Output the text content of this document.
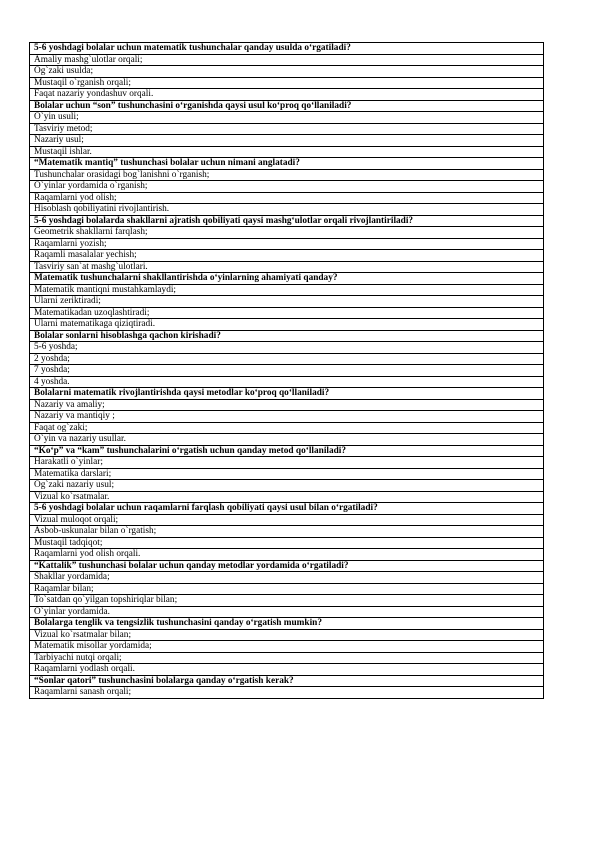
5-6 yoshdagi bolalar uchun matematik tushunchalar qanday usulda o‘rgatiladi?
Amaliy mashg`ulotlar orqali;
Og`zaki usulda;
Mustaqil o`rganish orqali;
Faqat nazariy yondashuv orqali.
Bolalar uchun “son” tushunchasini o‘rganishda qaysi usul ko‘proq qo‘llaniladi?
O`yin usuli;
Tasviriy metod;
Nazariy usul;
Mustaqil ishlar.
“Matematik mantiq” tushunchasi bolalar uchun nimani anglatadi?
Tushunchalar orasidagi bog`lanishni o`rganish;
O`yinlar yordamida o`rganish;
Raqamlarni yod olish;
Hisoblash qobiliyatini rivojlantirish.
5-6 yoshdagi bolalarda shakllarni ajratish qobiliyati qaysi mashg‘ulotlar orqali rivojlantiriladi?
Geometrik shakllarni farqlash;
Raqamlarni yozish;
Raqamli masalalar yechish;
Tasviriy san`at mashg`ulotlari.
Matematik tushunchalarni shakllantirishda o‘yinlarning ahamiyati qanday?
Matematik mantiqni mustahkamlaydi;
Ularni zeriktiradi;
Matematikadan uzoqlashtiradi;
Ularni matematikaga qiziqtiradi.
Bolalar sonlarni hisoblashga qachon kirishadi?
5-6 yoshda;
2 yoshda;
7 yoshda;
4 yoshda.
Bolalarni matematik rivojlantirishda qaysi metodlar ko‘proq qo‘llaniladi?
Nazariy va amaliy;
Nazariy va mantiqiy ;
Faqat og`zaki;
O`yin va nazariy usullar.
“Ko‘p” va “kam” tushunchalarini o‘rgatish uchun qanday metod qo‘llaniladi?
Harakatli o`yinlar;
Matematika darslari;
Og`zaki nazariy usul;
Vizual ko`rsatmalar.
5-6 yoshdagi bolalar uchun raqamlarni farqlash qobiliyati qaysi usul bilan o‘rgatiladi?
Vizual muloqot orqali;
Asbob-uskunalar bilan o`rgatish;
Mustaqil tadqiqot;
Raqamlarni yod olish orqali.
“Kattalik” tushunchasi bolalar uchun qanday metodlar yordamida o‘rgatiladi?
Shakllar yordamida;
Raqamlar bilan;
To`satdan qo`yilgan topshiriqlar bilan;
O`yinlar yordamida.
Bolalarga tenglik va tengsizlik tushunchasini qanday o‘rgatish mumkin?
Vizual ko`rsatmalar bilan;
Matematik misollar yordamida;
Tarbiyachi nutqi orqali;
Raqamlarni yodlash orqali.
“Sonlar qatori” tushunchasini bolalarga qanday o‘rgatish kerak?
Raqamlarni sanash orqali;
